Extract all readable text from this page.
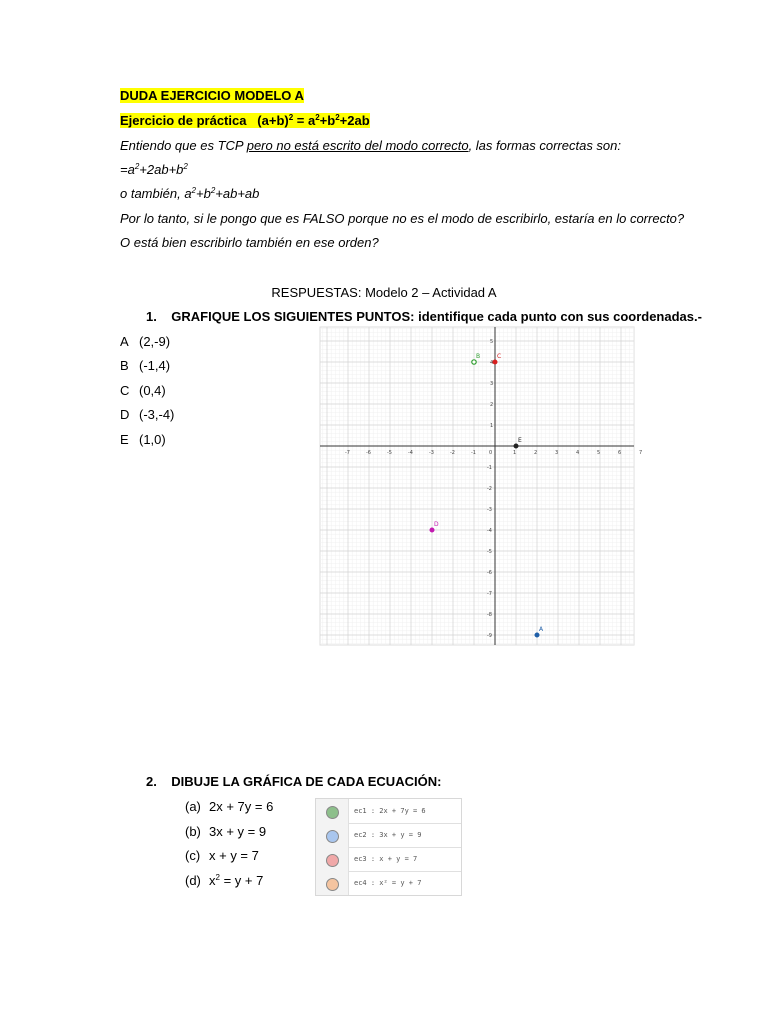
DUDA EJERCICIO MODELO A
Ejercicio de práctica $(a+b)^2 = a^2+b^2+2ab$
Entiendo que es TCP pero no está escrito del modo correcto, las formas correctas son:
$=a^2+2ab+b^2$
o también, $a^2+b^2+ab+ab$
Por lo tanto, si le pongo que es FALSO porque no es el modo de escribirlo, estaría en lo correcto?
O está bien escribirlo también en ese orden?
RESPUESTAS: Modelo 2 – Actividad A
1. GRAFIQUE LOS SIGUIENTES PUNTOS: identifique cada punto con sus coordenadas.-
A (2,-9)
B (-1,4)
C (0,4)
D (-3,-4)
E (1,0)
-7	-6	-5	-4	-3	-2	-1	0	1	2	3	4	5	6	7
5
4
3
2
1
-1
-2
-3
-4
-5
-6
-7
-8
-9
A
B	C
D
E
2. DIBUJE LA GRÁFICA DE CADA ECUACIÓN:
(a) 2x + 7y = 6
(b) 3x + y = 9
(c) x + y = 7
(d) $x^2 = y + 7$
ec1 : 2x + 7y = 6
ec2 : 3x + y = 9
ec3 : x + y = 7
ec4 : x² = y + 7
